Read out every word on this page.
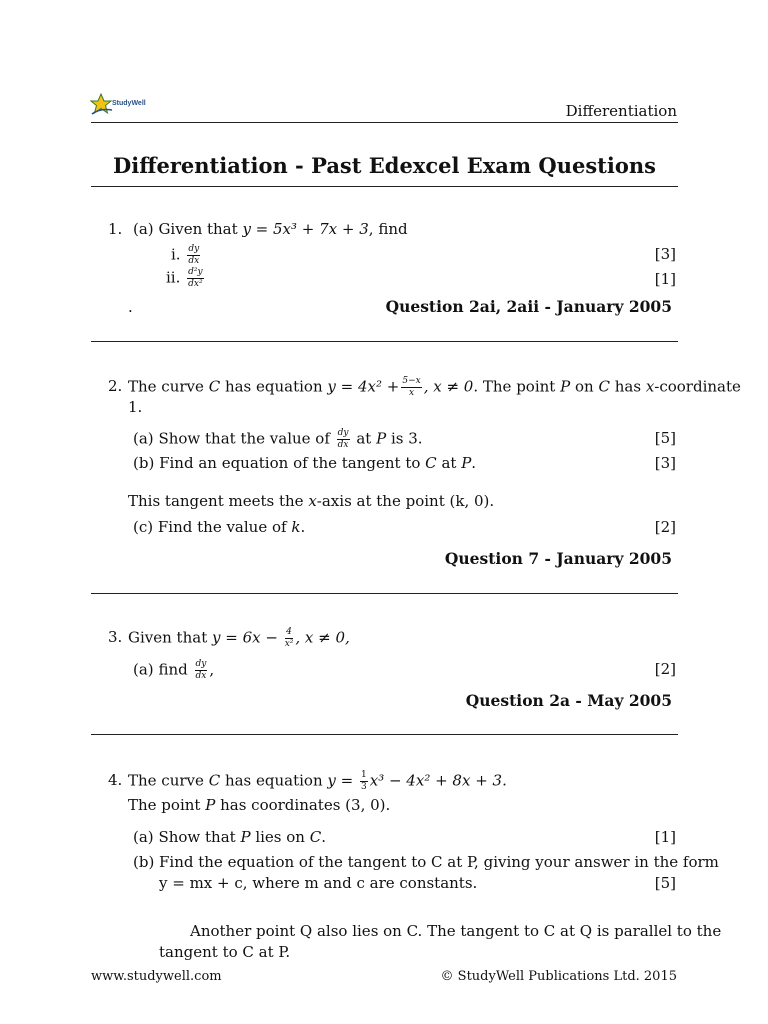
StudyWell	Differentiation
Differentiation - Past Edexcel Exam Questions
1. (a) Given that y = 5x³ + 7x + 3, find
i. $\frac{dy}{dx}$	[3]
ii. $\frac{\text{d²y}}{\text{dx²}}$	[1]
.	Question 2ai, 2aii - January 2005
2. The curve C has equation $y = 4x^2 + \frac{5-x}{x}$ , x ≠ 0. The point P on C has x-coordinate
1.
(a) Show that the value of $\frac{dy}{dx}$ at P is 3.	[5]
(b) Find an equation of the tangent to C at P.	[3]
This tangent meets the x-axis at the point (k, 0).
(c) Find the value of k.	[2]
Question 7 - January 2005
3. Given that $y = 6x - \frac{4}{\text{x²}}$ , x ≠ 0,
(a) find $\frac{dy}{dx}$ ,	[2]
Question 2a - May 2005
4. The curve C has equation $y = \frac{1}{3} x^3 - 4x^2 + 8x + 3$.
The point P has coordinates (3, 0).
(a) Show that P lies on C.	[1]
(b) Find the equation of the tangent to C at P, giving your answer in the form
y = mx + c, where m and c are constants.	[5]
Another point Q also lies on C. The tangent to C at Q is parallel to the
tangent to C at P.
www.studywell.com	© StudyWell Publications Ltd. 2015
